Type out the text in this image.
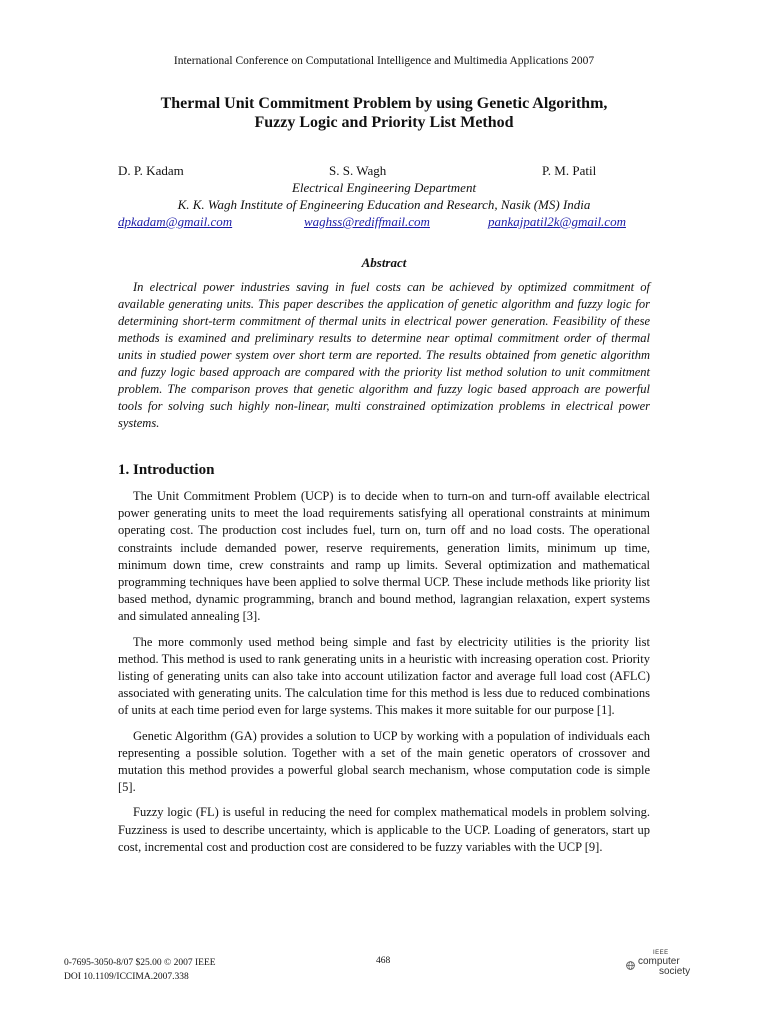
International Conference on Computational Intelligence and Multimedia Applications 2007
Thermal Unit Commitment Problem by using Genetic Algorithm,
Fuzzy Logic and Priority List Method
D. P. Kadam	S. S. Wagh	P. M. Patil
Electrical Engineering Department
K. K. Wagh Institute of Engineering Education and Research, Nasik (MS) India
dpkadam@gmail.com	waghss@rediffmail.com	pankajpatil2k@gmail.com
Abstract

In electrical power industries saving in fuel costs can be achieved by optimized commitment of available generating units. This paper describes the application of genetic algorithm and fuzzy logic for determining short-term commitment of thermal units in electrical power generation. Feasibility of these methods is examined and preliminary results to determine near optimal commitment order of thermal units in studied power system over short term are reported. The results obtained from genetic algorithm and fuzzy logic based approach are compared with the priority list method solution to unit commitment problem. The comparison proves that genetic algorithm and fuzzy logic based approach are powerful tools for solving such highly non-linear, multi constrained optimization problems in electrical power systems.

1. Introduction

The Unit Commitment Problem (UCP) is to decide when to turn-on and turn-off available electrical power generating units to meet the load requirements satisfying all operational constraints at minimum operating cost. The production cost includes fuel, turn on, turn off and no load costs. The operational constraints include demanded power, reserve requirements, generation limits, minimum up time, minimum down time, crew constraints and ramp up limits. Several optimization and mathematical programming techniques have been applied to solve thermal UCP. These include methods like priority list based method, dynamic programming, branch and bound method, lagrangian relaxation, expert systems and simulated annealing [3].

The more commonly used method being simple and fast by electricity utilities is the priority list method. This method is used to rank generating units in a heuristic with increasing operation cost. Priority listing of generating units can also take into account utilization factor and average full load cost (AFLC) associated with generating units. The calculation time for this method is less due to reduced combinations of units at each time period even for large systems. This makes it more suitable for our purpose [1].

Genetic Algorithm (GA) provides a solution to UCP by working with a population of individuals each representing a possible solution. Together with a set of the main genetic operators of crossover and mutation this method provides a powerful global search mechanism, whose computation code is simple [5].

Fuzzy logic (FL) is useful in reducing the need for complex mathematical models in problem solving. Fuzziness is used to describe uncertainty, which is applicable to the UCP. Loading of generators, start up cost, incremental cost and production cost are considered to be fuzzy variables with the UCP [9].

0-7695-3050-8/07 $25.00 © 2007 IEEE
DOI 10.1109/ICCIMA.2007.338
468
IEEE
computer
society
